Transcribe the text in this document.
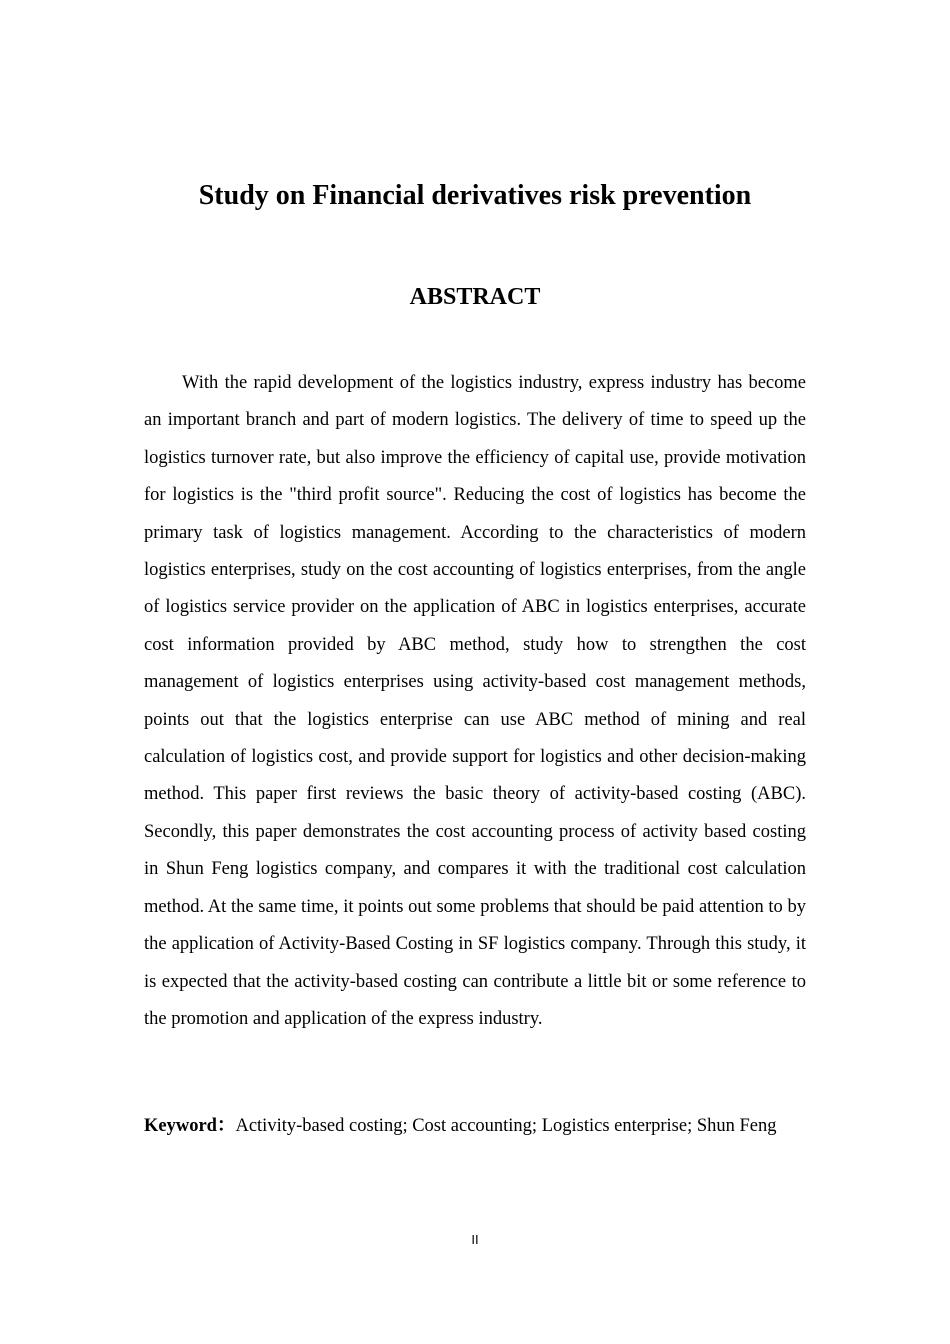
Study on Financial derivatives risk prevention
ABSTRACT

With the rapid development of the logistics industry, express industry has become an important branch and part of modern logistics. The delivery of time to speed up the logistics turnover rate, but also improve the efficiency of capital use, provide motivation for logistics is the "third profit source". Reducing the cost of logistics has become the primary task of logistics management. According to the characteristics of modern logistics enterprises, study on the cost accounting of logistics enterprises, from the angle of logistics service provider on the application of ABC in logistics enterprises, accurate cost information provided by ABC method, study how to strengthen the cost management of logistics enterprises using activity-based cost management methods, points out that the logistics enterprise can use ABC method of mining and real calculation of logistics cost, and provide support for logistics and other decision-making method. This paper first reviews the basic theory of activity-based costing (ABC). Secondly, this paper demonstrates the cost accounting process of activity based costing in Shun Feng logistics company, and compares it with the traditional cost calculation method. At the same time, it points out some problems that should be paid attention to by the application of Activity-Based Costing in SF logistics company. Through this study, it is expected that the activity-based costing can contribute a little bit or some reference to the promotion and application of the express industry.

Keyword：Activity-based costing; Cost accounting; Logistics enterprise; Shun Feng

II
